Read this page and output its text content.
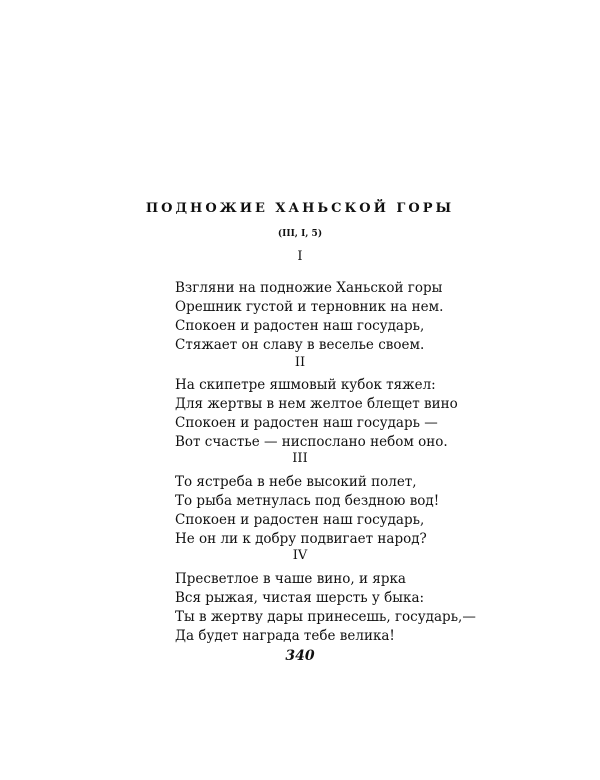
ПОДНОЖИЕ ХАНЬСКОЙ ГОРЫ
(III, I, 5)
I
Взгляни на подножие Ханьской горы
Орешник густой и терновник на нем.
Спокоен и радостен наш государь,
Стяжает он славу в веселье своем.
II
На скипетре яшмовый кубок тяжел:
Для жертвы в нем желтое блещет вино
Спокоен и радостен наш государь —
Вот счастье — ниспослано небом оно.
III
То ястреба в небе высокий полет,
То рыба метнулась под бездною вод!
Спокоен и радостен наш государь,
Не он ли к добру подвигает народ?
IV
Пресветлое в чаше вино, и ярка
Вся рыжая, чистая шерсть у быка:
Ты в жертву дары принесешь, государь,—
Да будет награда тебе велика!
340
